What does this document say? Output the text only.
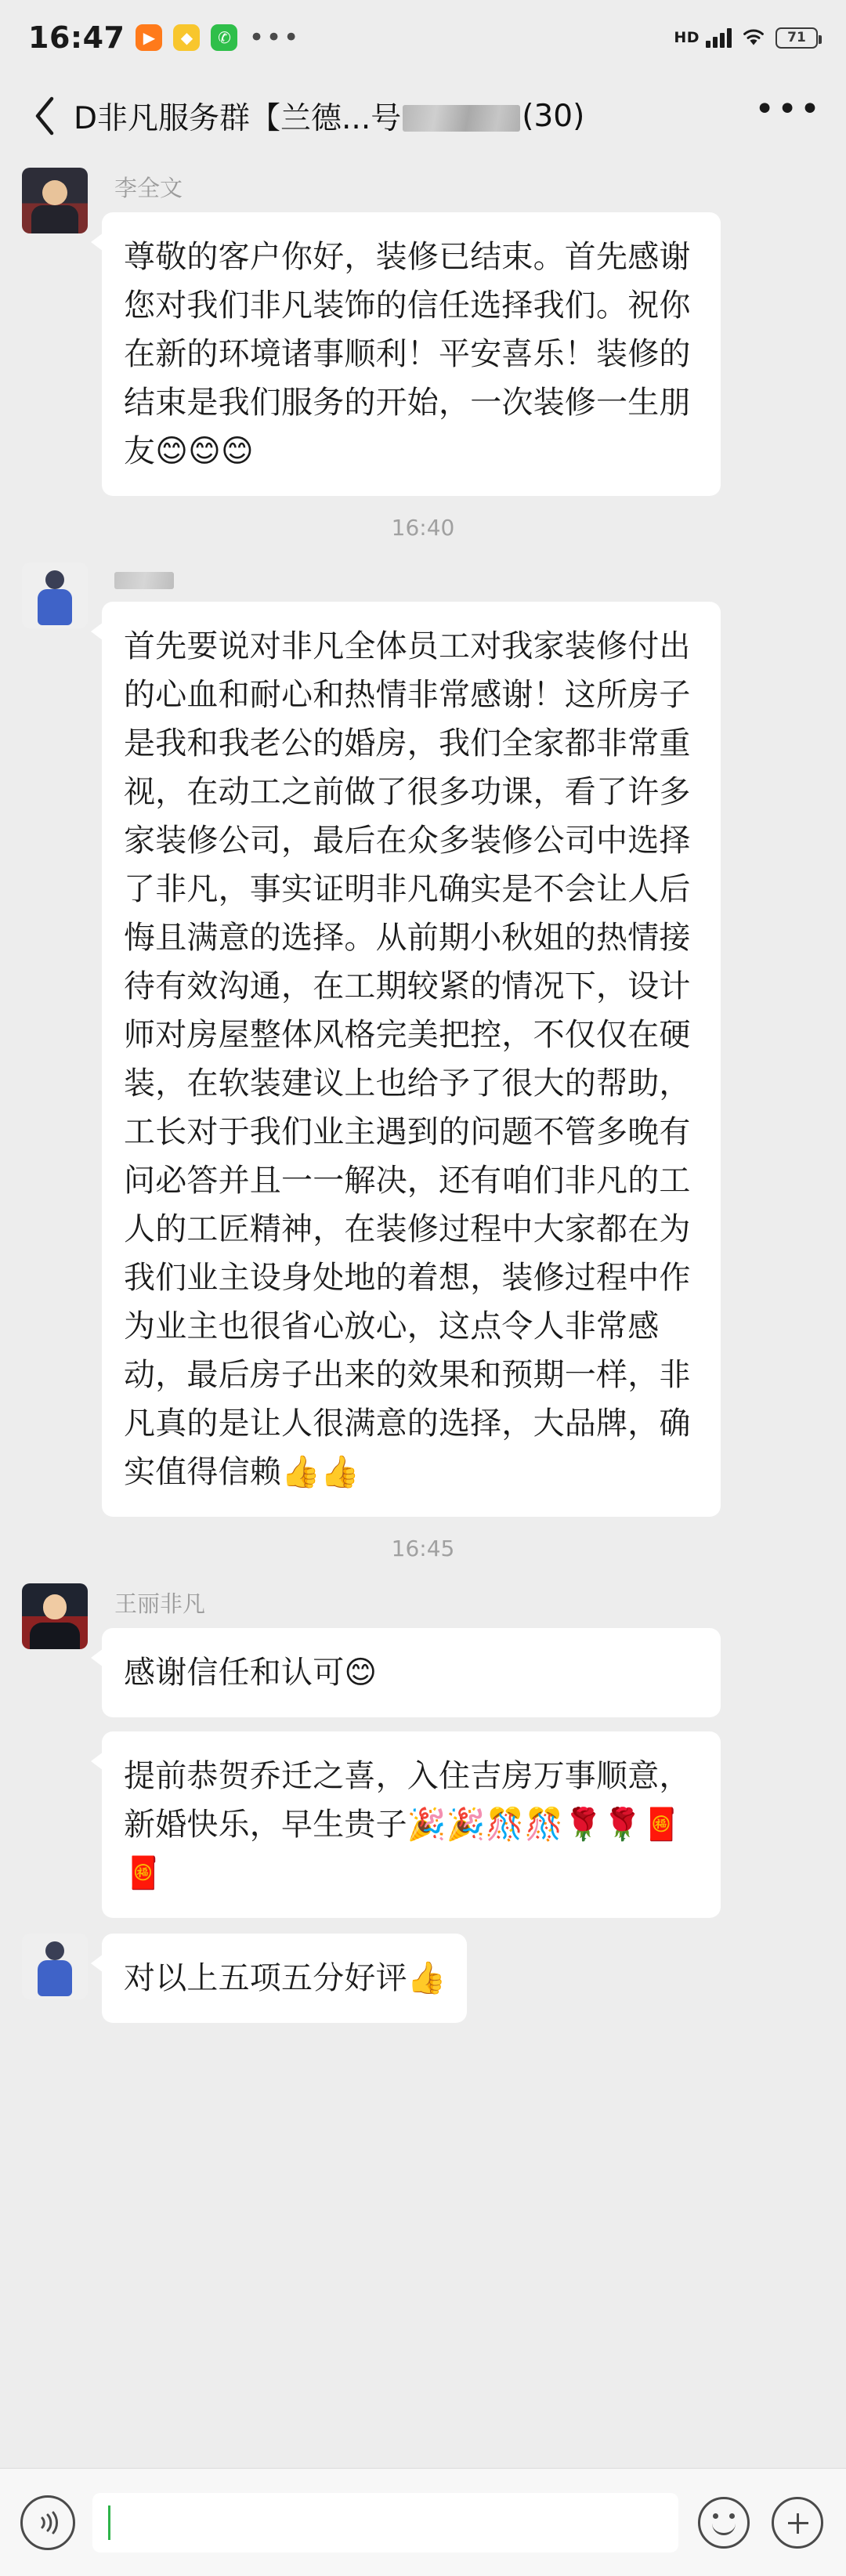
16:47	▶	◆	✆ •••	HD	71
D非凡服务群【兰德...号	(30)	•••
李全文
尊敬的客户你好，装修已结束。首先感谢您对我们非凡装饰的信任选择我们。祝你在新的环境诸事顺利！平安喜乐！装修的结束是我们服务的开始，一次装修一生朋友😊😊😊
16:40
首先要说对非凡全体员工对我家装修付出的心血和耐心和热情非常感谢！这所房子是我和我老公的婚房，我们全家都非常重视，在动工之前做了很多功课，看了许多家装修公司，最后在众多装修公司中选择了非凡，事实证明非凡确实是不会让人后悔且满意的选择。从前期小秋姐的热情接待有效沟通，在工期较紧的情况下，设计师对房屋整体风格完美把控，不仅仅在硬装，在软装建议上也给予了很大的帮助，工长对于我们业主遇到的问题不管多晚有问必答并且一一解决，还有咱们非凡的工人的工匠精神，在装修过程中大家都在为我们业主设身处地的着想，装修过程中作为业主也很省心放心，这点令人非常感动，最后房子出来的效果和预期一样，非凡真的是让人很满意的选择，大品牌，确实值得信赖👍👍
16:45
王丽非凡
感谢信任和认可😊
提前恭贺乔迁之喜，入住吉房万事顺意，新婚快乐，早生贵子🎉🎉🎊🎊🌹🌹🧧🧧
对以上五项五分好评👍
